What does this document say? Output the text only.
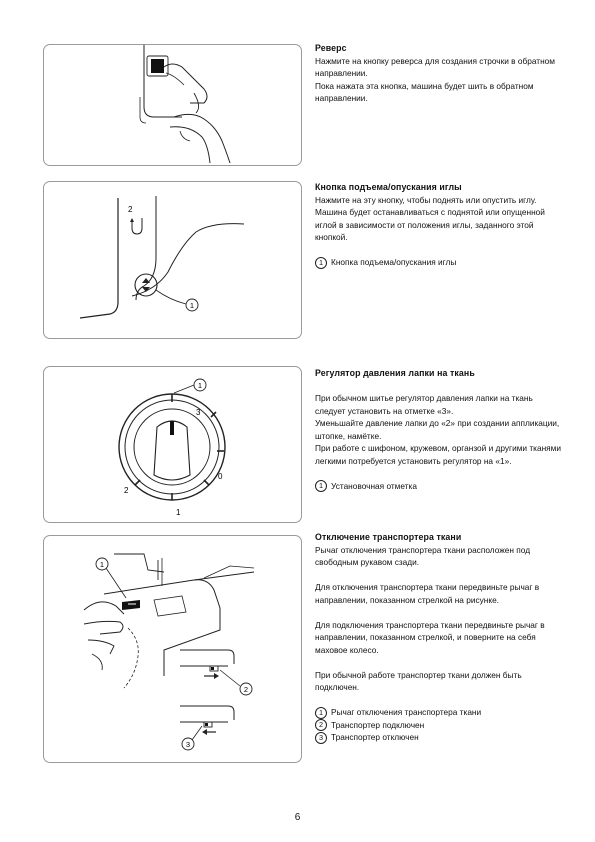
Реверс

Нажмите на кнопку реверса для создания строчки в обратном направлении.

Пока нажата эта кнопка, машина будет шить в обратном направлении.

2
1
Кнопка подъема/опускания иглы

Нажмите на эту кнопку, чтобы поднять или опустить иглу. Машина будет останавливаться с поднятой или опущенной иглой в зависимости от положения иглы, заданного этой кнопкой.

1 Кнопка подъема/опускания иглы
3
0
1
2
1
Регулятор давления лапки на ткань

При обычном шитье регулятор давления лапки на ткань следует установить на отметке «3».

Уменьшайте давление лапки до «2» при создании аппликации, штопке, намëтке.

При работе с шифоном, кружевом, органзой и другими тканями легкими потребуется установить регулятор на «1».

1 Установочная отметка
1
2
3
Отключение транспортера ткани

Рычаг отключения транспортера ткани расположен под свободным рукавом сзади.

Для отключения транспортера ткани передвиньте рычаг в направлении, показанном стрелкой на рисунке.

Для подключения транспортера ткани передвиньте рычаг в направлении, показанном стрелкой, и поверните на себя маховое колесо.

При обычной работе транспортер ткани должен быть подключен.

1 Рычаг отключения транспортера ткани
2 Транспортер подключен
3 Транспортер отключен
6
